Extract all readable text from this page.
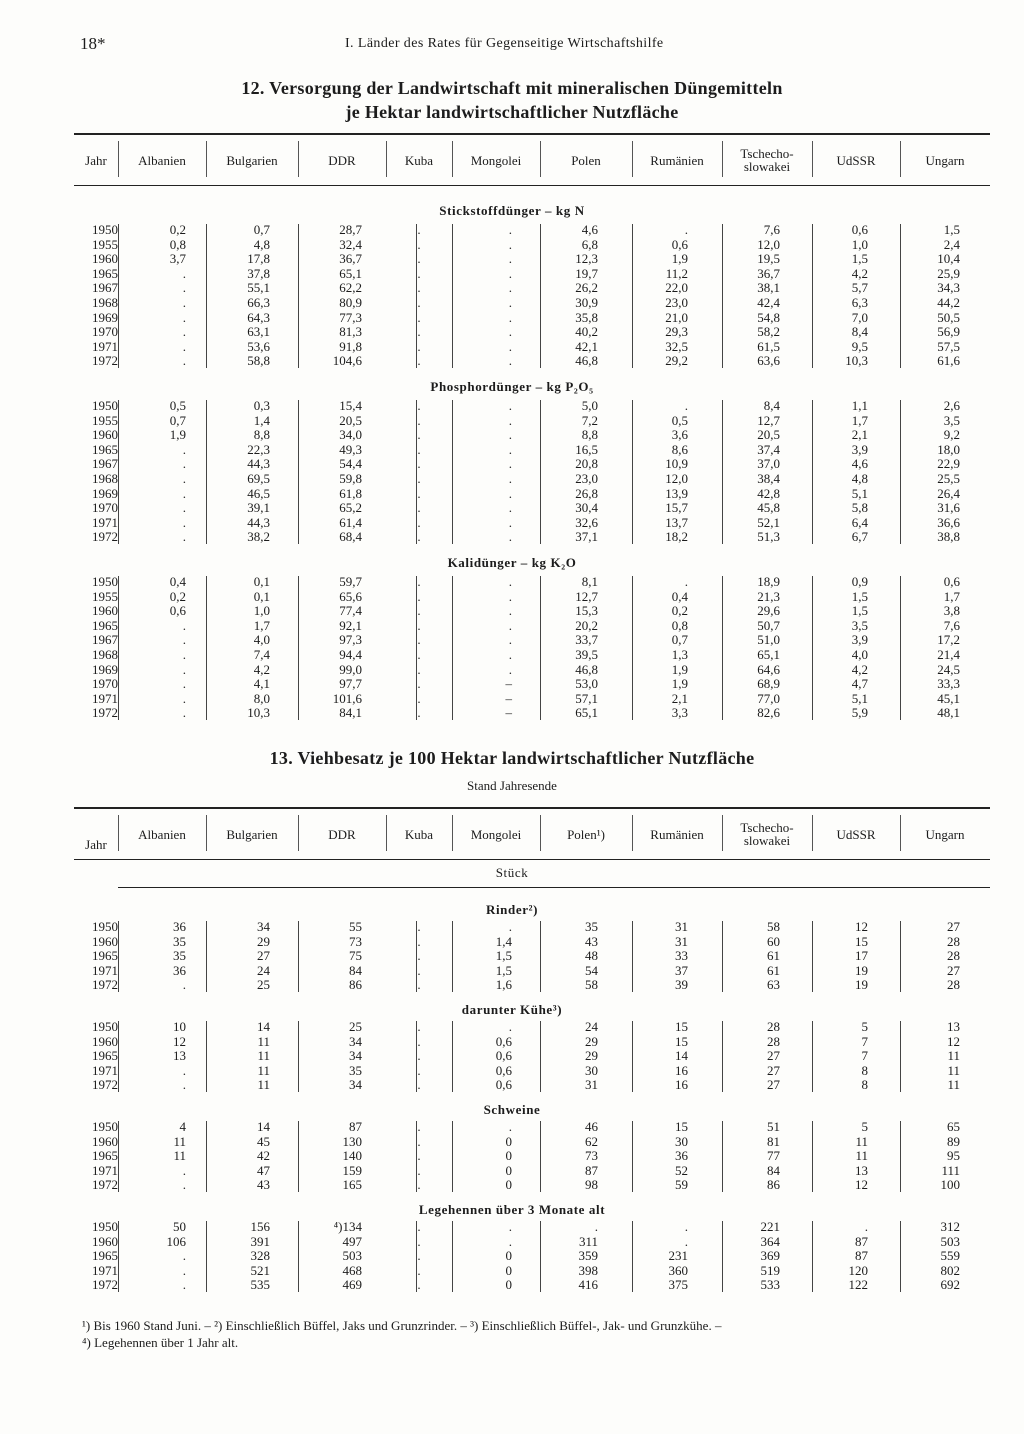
18*	I. Länder des Rates für Gegenseitige Wirtschaftshilfe
12. Versorgung der Landwirtschaft mit mineralischen Düngemitteln
je Hektar landwirtschaftlicher Nutzfläche
Jahr	Albanien	Bulgarien	DDR	Kuba	Mongolei	Polen	Rumänien	Tschecho-
slowakei	UdSSR	Ungarn
Stickstoffdünger – kg N
1950	0,2	0,7	28,7	.	.	4,6	.	7,6	0,6	1,5
1955	0,8	4,8	32,4	.	.	6,8	0,6	12,0	1,0	2,4
1960	3,7	17,8	36,7	.	.	12,3	1,9	19,5	1,5	10,4
1965	.	37,8	65,1	.	.	19,7	11,2	36,7	4,2	25,9
1967	.	55,1	62,2	.	.	26,2	22,0	38,1	5,7	34,3
1968	.	66,3	80,9	.	.	30,9	23,0	42,4	6,3	44,2
1969	.	64,3	77,3	.	.	35,8	21,0	54,8	7,0	50,5
1970	.	63,1	81,3	.	.	40,2	29,3	58,2	8,4	56,9
1971	.	53,6	91,8	.	.	42,1	32,5	61,5	9,5	57,5
1972	.	58,8	104,6	.	.	46,8	29,2	63,6	10,3	61,6
Phosphordünger – kg P₂O₅
1950	0,5	0,3	15,4	.	.	5,0	.	8,4	1,1	2,6
1955	0,7	1,4	20,5	.	.	7,2	0,5	12,7	1,7	3,5
1960	1,9	8,8	34,0	.	.	8,8	3,6	20,5	2,1	9,2
1965	.	22,3	49,3	.	.	16,5	8,6	37,4	3,9	18,0
1967	.	44,3	54,4	.	.	20,8	10,9	37,0	4,6	22,9
1968	.	69,5	59,8	.	.	23,0	12,0	38,4	4,8	25,5
1969	.	46,5	61,8	.	.	26,8	13,9	42,8	5,1	26,4
1970	.	39,1	65,2	.	.	30,4	15,7	45,8	5,8	31,6
1971	.	44,3	61,4	.	.	32,6	13,7	52,1	6,4	36,6
1972	.	38,2	68,4	.	.	37,1	18,2	51,3	6,7	38,8
Kalidünger – kg K₂O
1950	0,4	0,1	59,7	.	.	8,1	.	18,9	0,9	0,6
1955	0,2	0,1	65,6	.	.	12,7	0,4	21,3	1,5	1,7
1960	0,6	1,0	77,4	.	.	15,3	0,2	29,6	1,5	3,8
1965	.	1,7	92,1	.	.	20,2	0,8	50,7	3,5	7,6
1967	.	4,0	97,3	.	.	33,7	0,7	51,0	3,9	17,2
1968	.	7,4	94,4	.	.	39,5	1,3	65,1	4,0	21,4
1969	.	4,2	99,0	.	.	46,8	1,9	64,6	4,2	24,5
1970	.	4,1	97,7	.	–	53,0	1,9	68,9	4,7	33,3
1971	.	8,0	101,6	.	–	57,1	2,1	77,0	5,1	45,1
1972	.	10,3	84,1	.	–	65,1	3,3	82,6	5,9	48,1
13. Viehbesatz je 100 Hektar landwirtschaftlicher Nutzfläche
Stand Jahresende
Jahr
Albanien	Bulgarien	DDR	Kuba	Mongolei	Polen¹)	Rumänien	Tschecho-
slowakei	UdSSR	Ungarn
Stück
Rinder²)
1950	36	34	55	.	.	35	31	58	12	27
1960	35	29	73	.	1,4	43	31	60	15	28
1965	35	27	75	.	1,5	48	33	61	17	28
1971	36	24	84	.	1,5	54	37	61	19	27
1972	.	25	86	.	1,6	58	39	63	19	28
darunter Kühe³)
1950	10	14	25	.	.	24	15	28	5	13
1960	12	11	34	.	0,6	29	15	28	7	12
1965	13	11	34	.	0,6	29	14	27	7	11
1971	.	11	35	.	0,6	30	16	27	8	11
1972	.	11	34	.	0,6	31	16	27	8	11
Schweine
1950	4	14	87	.	.	46	15	51	5	65
1960	11	45	130	.	0	62	30	81	11	89
1965	11	42	140	.	0	73	36	77	11	95
1971	.	47	159	.	0	87	52	84	13	111
1972	.	43	165	.	0	98	59	86	12	100
Legehennen über 3 Monate alt
1950	50	156	⁴)134	.	.	.	.	221	.	312
1960	106	391	497	.	.	311	.	364	87	503
1965	.	328	503	.	0	359	231	369	87	559
1971	.	521	468	.	0	398	360	519	120	802
1972	.	535	469	.	0	416	375	533	122	692
¹) Bis 1960 Stand Juni. – ²) Einschließlich Büffel, Jaks und Grunzrinder. – ³) Einschließlich Büffel-, Jak- und Grunzkühe. –
⁴) Legehennen über 1 Jahr alt.
